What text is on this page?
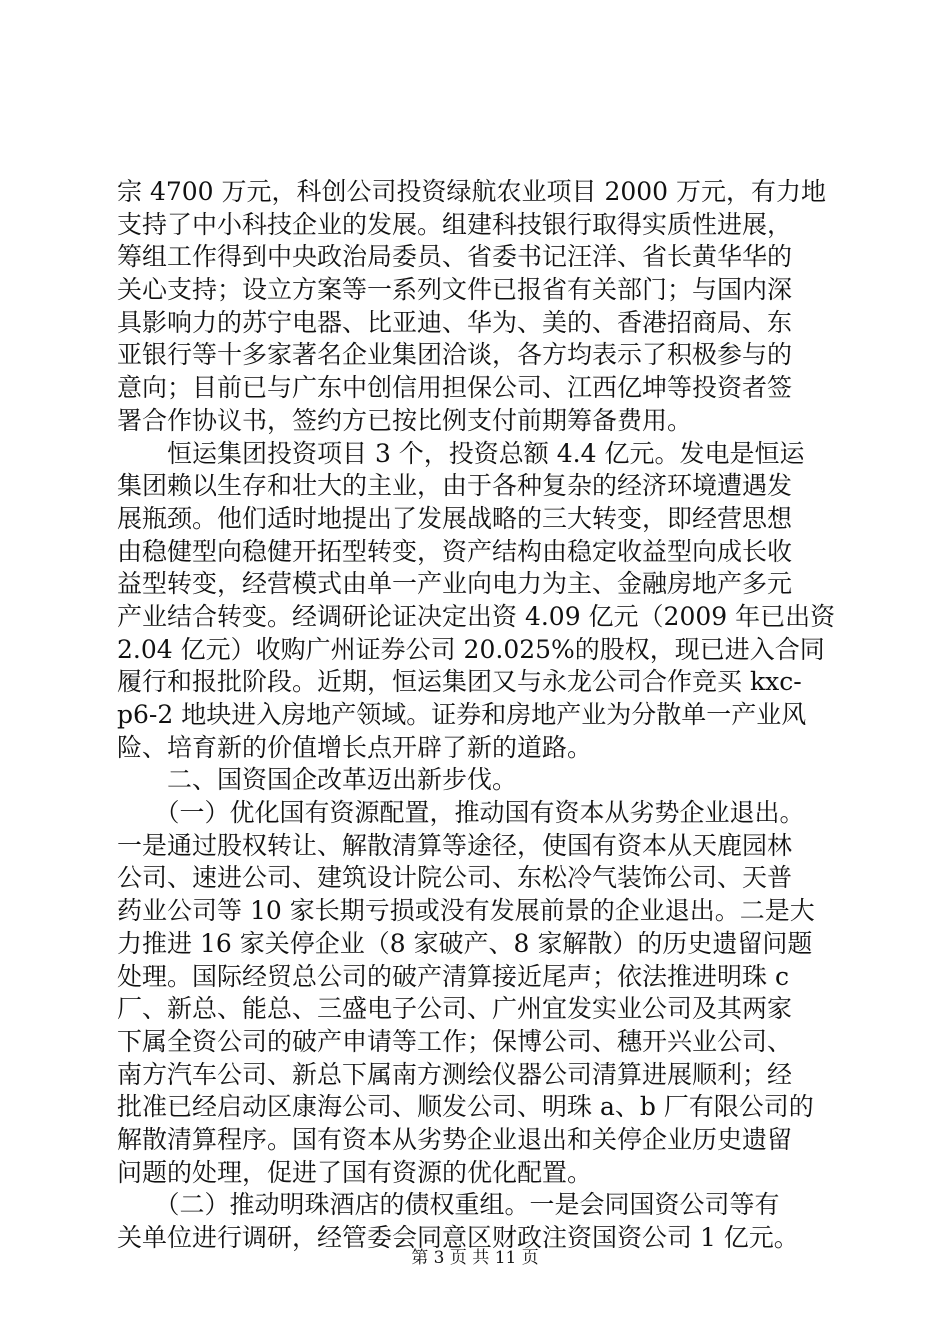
宗 4700 万元，科创公司投资绿航农业项目 2000 万元，有力地
支持了中小科技企业的发展。组建科技银行取得实质性进展，
筹组工作得到中央政治局委员、省委书记汪洋、省长黄华华的
关心支持；设立方案等一系列文件已报省有关部门；与国内深
具影响力的苏宁电器、比亚迪、华为、美的、香港招商局、东
亚银行等十多家著名企业集团洽谈，各方均表示了积极参与的
意向；目前已与广东中创信用担保公司、江西亿坤等投资者签
署合作协议书，签约方已按比例支付前期筹备费用。
　　恒运集团投资项目 3 个，投资总额 4.4 亿元。发电是恒运
集团赖以生存和壮大的主业，由于各种复杂的经济环境遭遇发
展瓶颈。他们适时地提出了发展战略的三大转变，即经营思想
由稳健型向稳健开拓型转变，资产结构由稳定收益型向成长收
益型转变，经营模式由单一产业向电力为主、金融房地产多元
产业结合转变。经调研论证决定出资 4.09 亿元（2009 年已出资
2.04 亿元）收购广州证券公司 20.025%的股权，现已进入合同
履行和报批阶段。近期，恒运集团又与永龙公司合作竞买 kxc-
p6-2 地块进入房地产领域。证券和房地产业为分散单一产业风
险、培育新的价值增长点开辟了新的道路。
　　二、国资国企改革迈出新步伐。
　　（一）优化国有资源配置，推动国有资本从劣势企业退出。
一是通过股权转让、解散清算等途径，使国有资本从天鹿园林
公司、速进公司、建筑设计院公司、东松冷气装饰公司、天普
药业公司等 10 家长期亏损或没有发展前景的企业退出。二是大
力推进 16 家关停企业（8 家破产、8 家解散）的历史遗留问题
处理。国际经贸总公司的破产清算接近尾声；依法推进明珠 c
厂、新总、能总、三盛电子公司、广州宜发实业公司及其两家
下属全资公司的破产申请等工作；保博公司、穗开兴业公司、
南方汽车公司、新总下属南方测绘仪器公司清算进展顺利；经
批准已经启动区康海公司、顺发公司、明珠 a、b 厂有限公司的
解散清算程序。国有资本从劣势企业退出和关停企业历史遗留
问题的处理，促进了国有资源的优化配置。
　　（二）推动明珠酒店的债权重组。一是会同国资公司等有
关单位进行调研，经管委会同意区财政注资国资公司 1 亿元。
第 3 页 共 11 页
